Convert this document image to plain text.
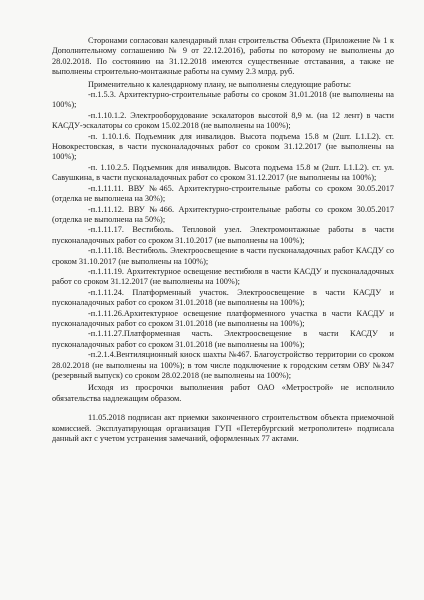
Сторонами согласован календарный план строительства Объекта (Приложение № 1 к Дополнительному соглашению № 9 от 22.12.2016), работы по которому не выполнены до 28.02.2018. По состоянию на 31.12.2018 имеются существенные отставания, а также не выполнены строительно-монтажные работы на сумму 2.3 млрд. руб.

Применительно к календарному плану, не выполнены следующие работы:

-п.1.5.3. Архитектурно-строительные работы со сроком 31.01.2018 (не выполнены на 100%);

-п.1.10.1.2. Электрооборудование эскалаторов высотой 8,9 м. (на 12 лент) в части КАСДУ-эскалаторы со сроком 15.02.2018 (не выполнены на 100%);

-п. 1.10.1.6. Подъемник для инвалидов. Высота подъема 15.8 м (2шт. L1.L2). ст. Новокрестовская, в части пусконаладочных работ со сроком 31.12.2017 (не выполнены на 100%);

-п. 1.10.2.5. Подъемник для инвалидов. Высота подъема 15.8 м (2шт. L1.L2). ст. ул. Савушкина, в части пусконаладочных работ со сроком 31.12.2017 (не выполнены на 100%);

-п.1.11.11. ВВУ №465. Архитектурно-строительные работы со сроком 30.05.2017 (отделка не выполнена на 30%);

-п.1.11.12. ВВУ №466. Архитектурно-строительные работы со сроком 30.05.2017 (отделка не выполнена на 50%);

-п.1.11.17. Вестибюль. Тепловой узел. Электромонтажные работы в части пусконаладочных работ со сроком 31.10.2017 (не выполнены на 100%);

-п.1.11.18. Вестибюль. Электроосвещение в части пусконаладочных работ КАСДУ со сроком 31.10.2017 (не выполнены на 100%);

-п.1.11.19. Архитектурное освещение вестибюля в части КАСДУ и пусконаладочных работ со сроком 31.12.2017 (не выполнены на 100%);

-п.1.11.24. Платформенный участок. Электроосвещение в части КАСДУ и пусконаладочных работ со сроком 31.01.2018 (не выполнены на 100%);

-п.1.11.26.Архитектурное освещение платформенного участка в части КАСДУ и пусконаладочных работ со сроком 31.01.2018 (не выполнены на 100%);

-п.1.11.27.Платформенная часть. Электроосвещение в части КАСДУ и пусконаладочных работ со сроком 31.01.2018 (не выполнены на 100%);

-п.2.1.4.Вентиляционный киоск шахты №467. Благоустройство территории со сроком 28.02.2018 (не выполнены на 100%); в том числе подключение к городским сетям ОВУ №347 (резервный выпуск) со сроком 28.02.2018 (не выполнены на 100%);

Исходя из просрочки выполнения работ ОАО «Метрострой» не исполнило обязательства надлежащим образом.

11.05.2018 подписан акт приемки законченного строительством объекта приемочной комиссией. Эксплуатирующая организация ГУП «Петербургский метрополитен» подписала данный акт с учетом устранения замечаний, оформленных 77 актами.
